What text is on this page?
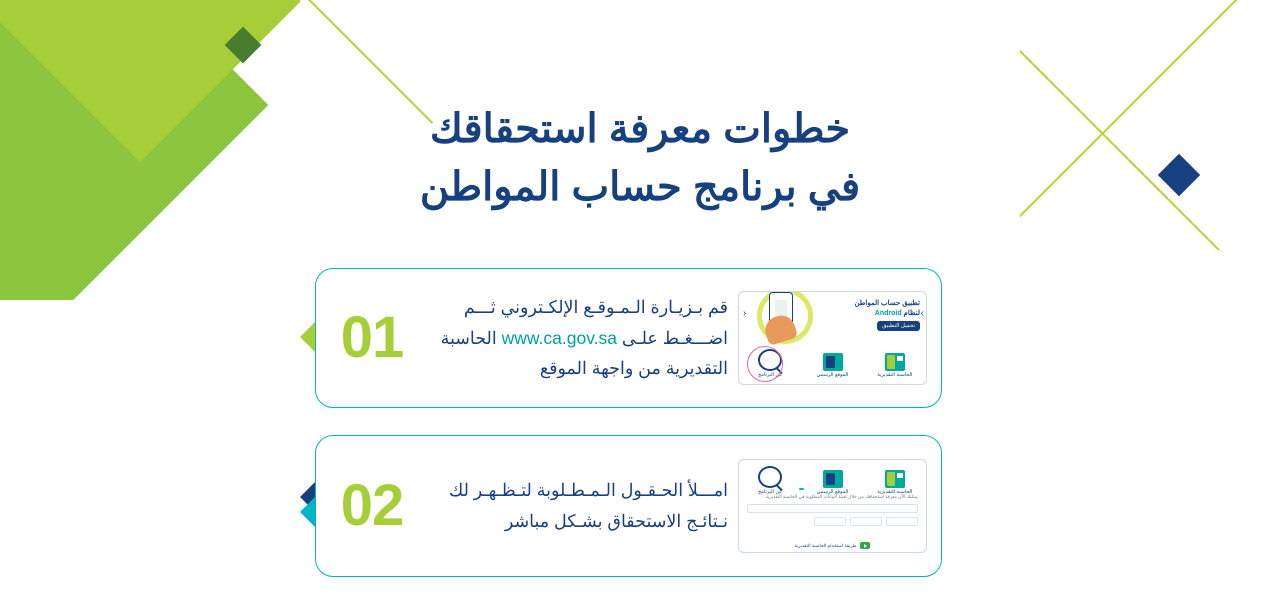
خطوات معرفة استحقاقك
في برنامج حساب المواطن
‹	›
تطبيق حساب المواطن
لنظام Android
تحميل التطبيق
الحاسبة التقديرية
الموقع الرسمي
عن البرنامج
قم بـزيـارة الـمـوقـع الإلكـتروني ثـــم اضـــغـط علـى www.ca.gov.sa الحاسبة التقديرية من واجهة الموقع
01
الحاسبة التقديرية
الموقع الرسمي
عن البرنامج
يمكنك الآن معرفة استحقاقك من خلال تعبئة البيانات المطلوبة في الحاسبة التقديرية
طريقة استخدام الحاسبة التقديرية
امـــلأ الحـقـول الـمـطـلوبة لتـظـهـر لك نـتائـج الاستحقاق بشـكل مباشر
02
